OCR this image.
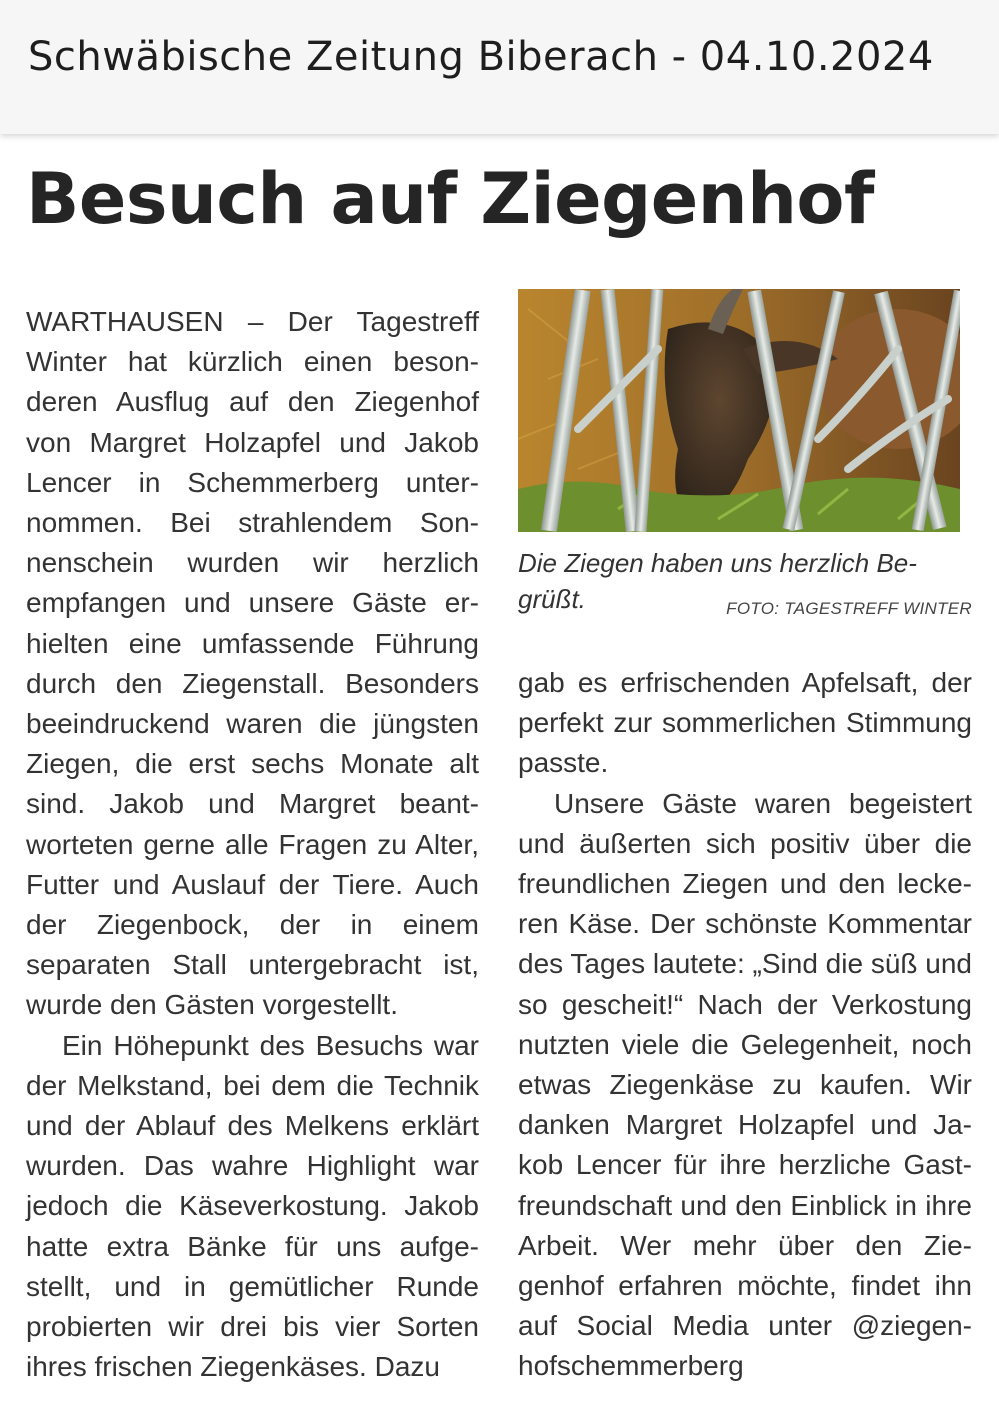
Schwäbische Zeitung Biberach - 04.10.2024
Besuch auf Ziegenhof

WARTHAUSEN – Der Tagestreff Winter hat kürzlich einen besonderen Ausflug auf den Ziegenhof von Margret Holzapfel und Jakob Lencer in Schemmerberg unternommen. Bei strahlendem Sonnenschein wurden wir herzlich empfangen und unsere Gäste erhielten eine umfassende Führung durch den Ziegenstall. Besonders beeindruckend waren die jüngsten Ziegen, die erst sechs Monate alt sind. Jakob und Margret beantworteten gerne alle Fragen zu Alter, Futter und Auslauf der Tiere. Auch der Ziegenbock, der in einem separaten Stall untergebracht ist, wurde den Gästen vorgestellt.

Ein Höhepunkt des Besuchs war der Melkstand, bei dem die Technik und der Ablauf des Melkens erklärt wurden. Das wahre Highlight war jedoch die Käseverkostung. Jakob hatte extra Bänke für uns aufgestellt, und in gemütlicher Runde probierten wir drei bis vier Sorten ihres frischen Ziegenkäses. Dazu

Die Ziegen haben uns herzlich Begrüßt.	FOTO: TAGESTREFF WINTER

gab es erfrischenden Apfelsaft, der perfekt zur sommerlichen Stimmung passte.

Unsere Gäste waren begeistert und äußerten sich positiv über die freundlichen Ziegen und den leckeren Käse. Der schönste Kommentar des Tages lautete: „Sind die süß und so gescheit!“ Nach der Verkostung nutzten viele die Gelegenheit, noch etwas Ziegenkäse zu kaufen. Wir danken Margret Holzapfel und Jakob Lencer für ihre herzliche Gastfreundschaft und den Einblick in ihre Arbeit. Wer mehr über den Ziegenhof erfahren möchte, findet ihn auf Social Media unter @ziegenhofschemmerberg
